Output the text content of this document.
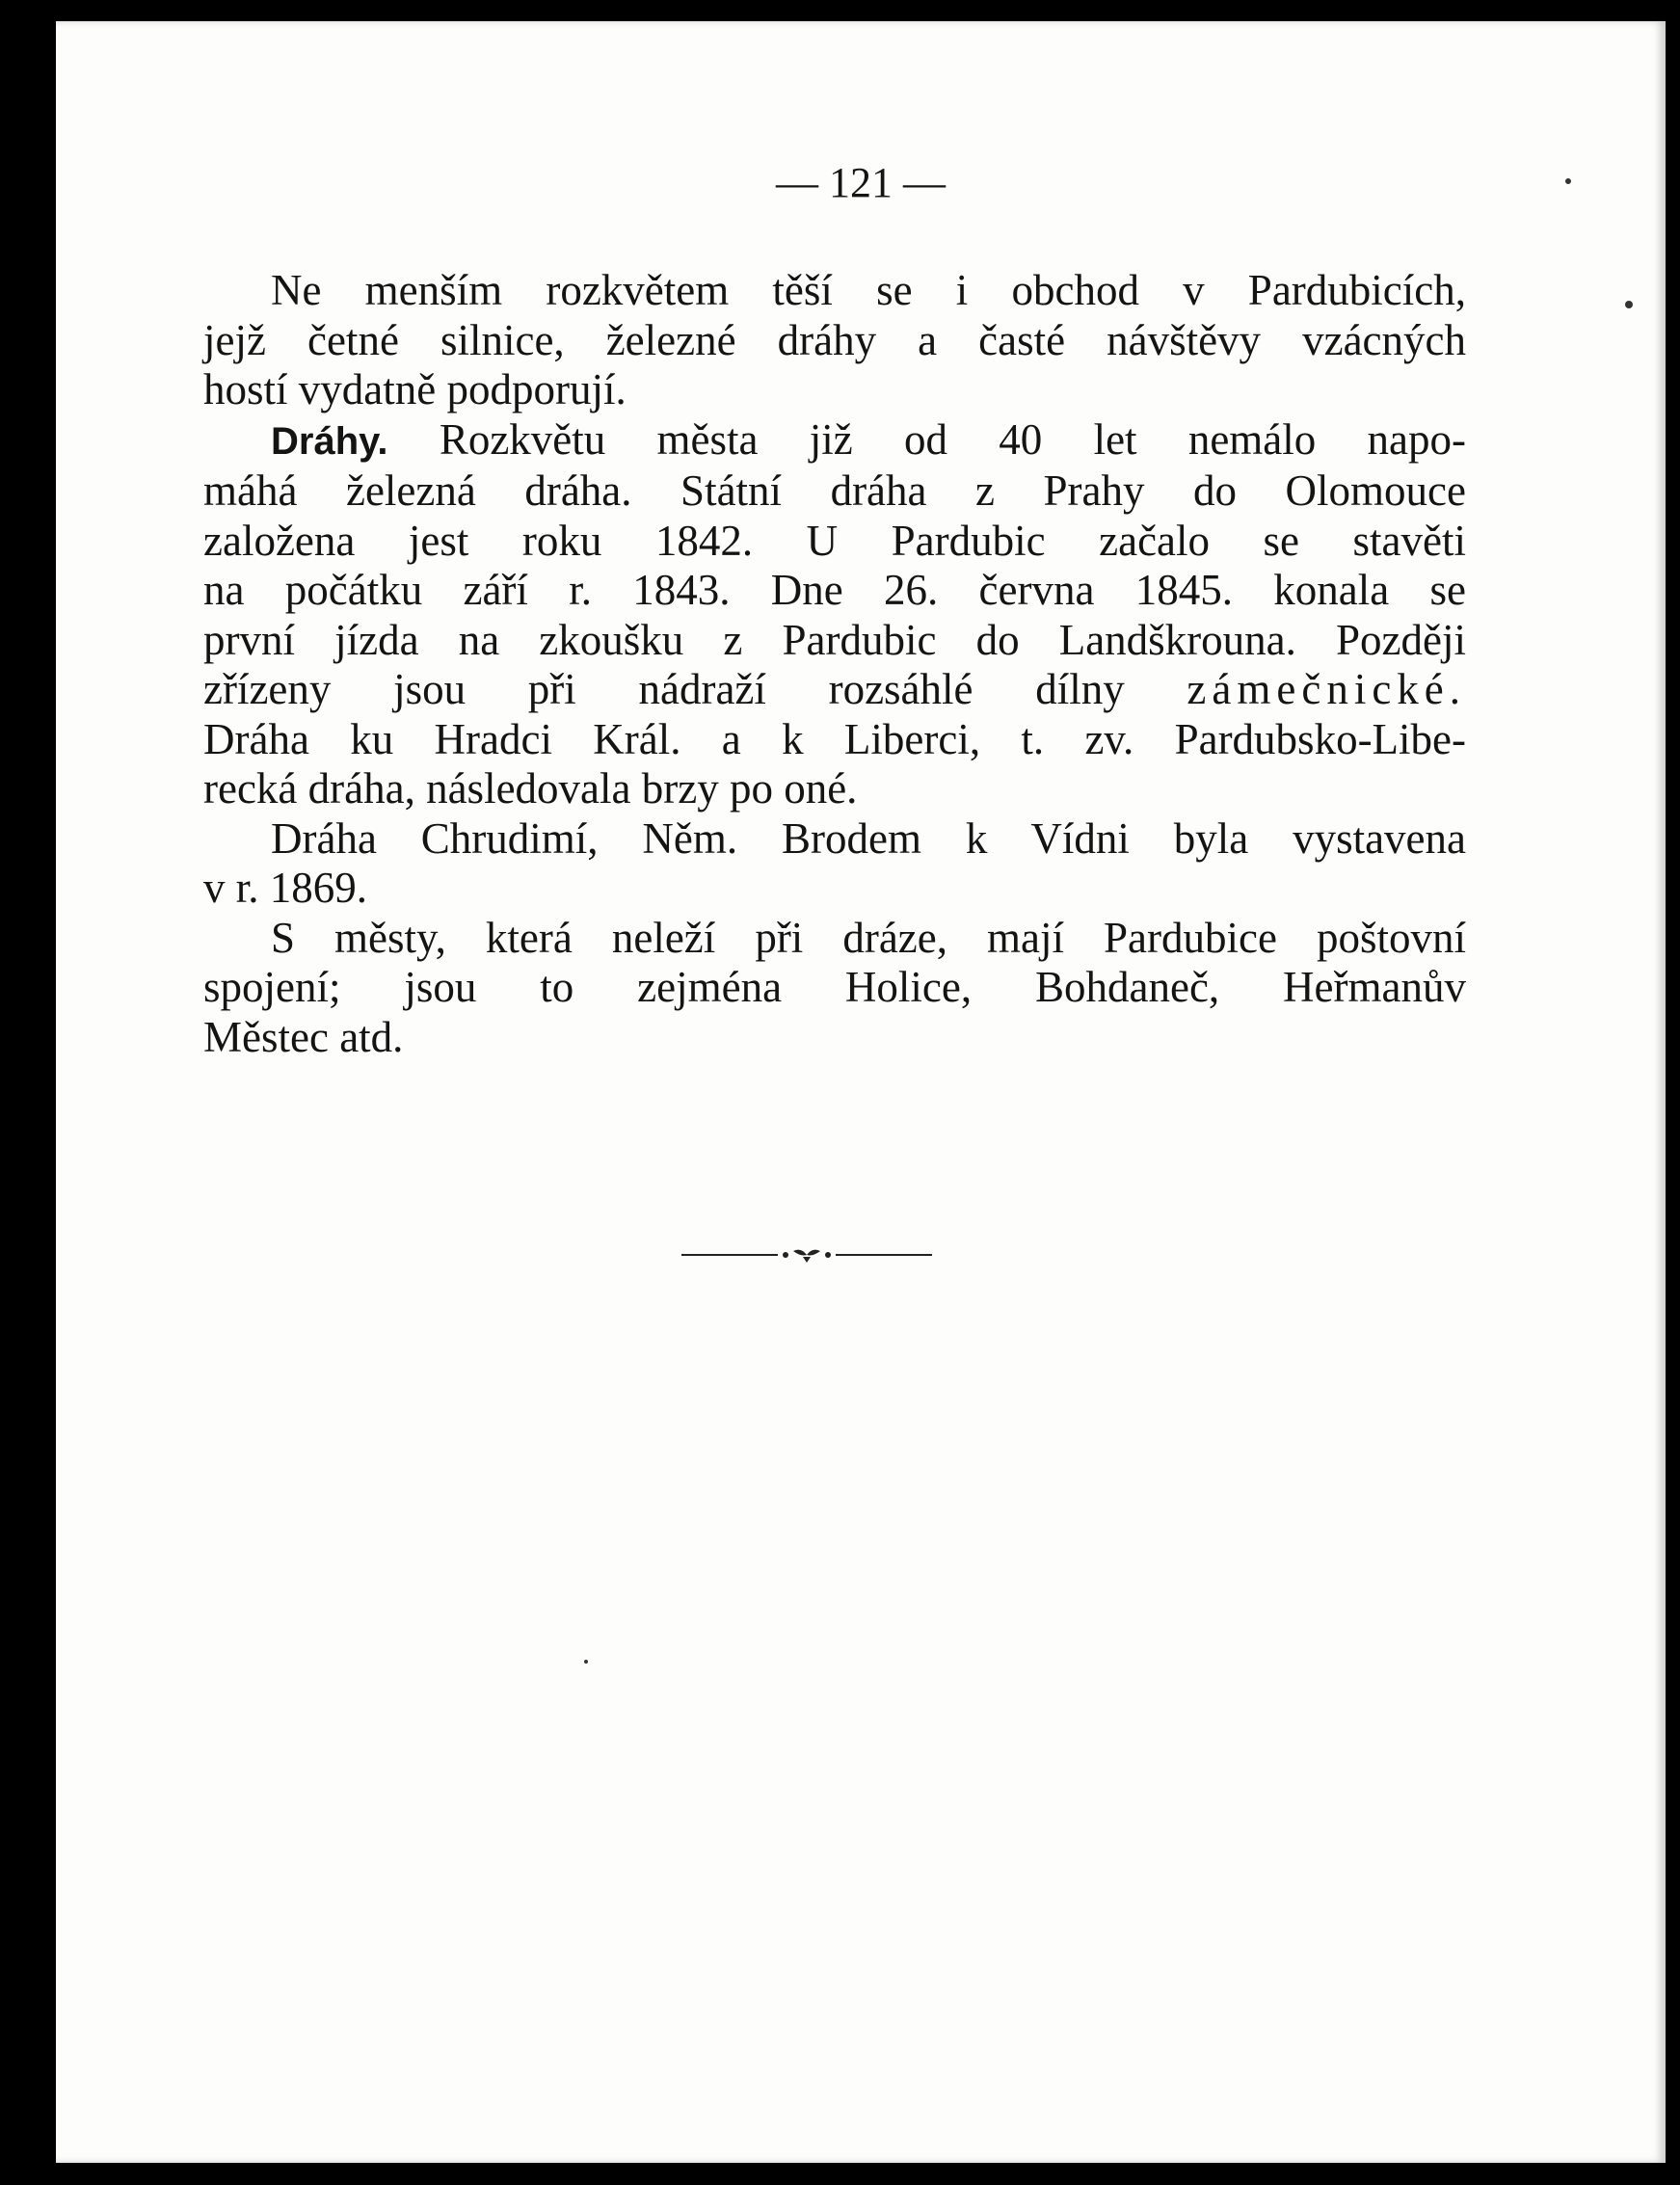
— 121 —
Ne menším rozkvětem těší se i obchod v Pardubicích,
jejž četné silnice, železné dráhy a časté návštěvy vzácných
hostí vydatně podporují.
Dráhy. Rozkvětu města již od 40 let nemálo napo-
máhá železná dráha. Státní dráha z Prahy do Olomouce
založena jest roku 1842. U Pardubic začalo se stavěti
na počátku září r. 1843. Dne 26. června 1845. konala se
první jízda na zkoušku z Pardubic do Landškrouna. Později
zřízeny jsou při nádraží rozsáhlé dílny zámečnické.
Dráha ku Hradci Král. a k Liberci, t. zv. Pardubsko-Libe-
recká dráha, následovala brzy po oné.
Dráha Chrudimí, Něm. Brodem k Vídni byla vystavena
v r. 1869.
S městy, která neleží při dráze, mají Pardubice poštovní
spojení; jsou to zejména Holice, Bohdaneč, Heřmanův
Městec atd.
